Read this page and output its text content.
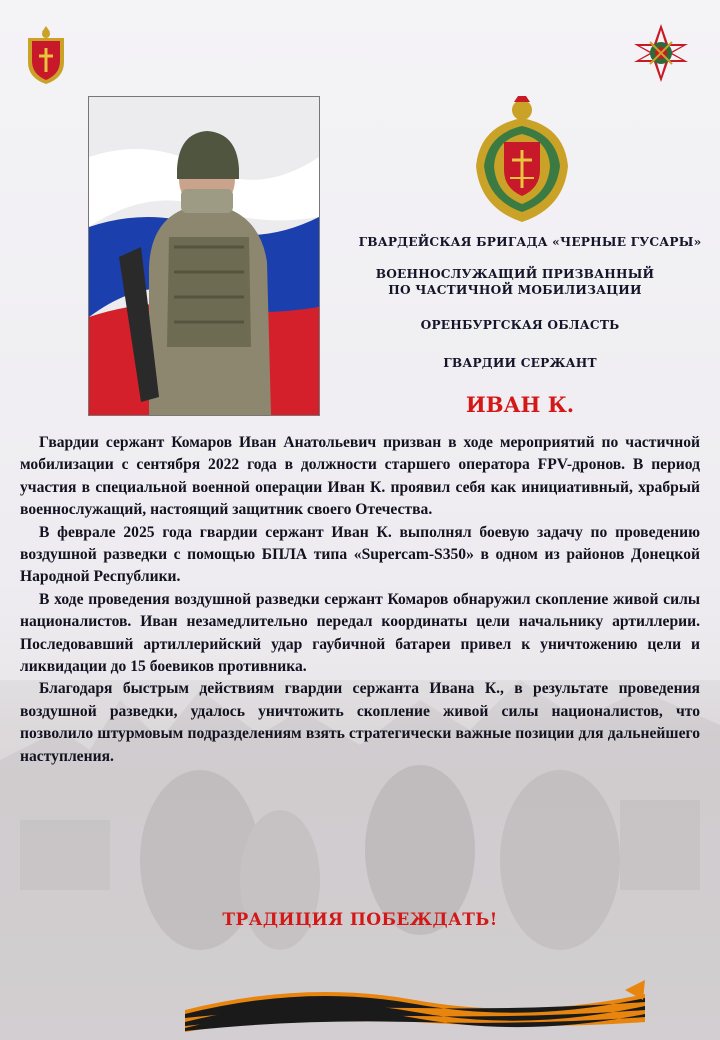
ГВАРДЕЙСКАЯ БРИГАДА «ЧЕРНЫЕ ГУСАРЫ»
ВОЕННОСЛУЖАЩИЙ ПРИЗВАННЫЙ
ПО ЧАСТИЧНОЙ МОБИЛИЗАЦИИ
ОРЕНБУРГСКАЯ ОБЛАСТЬ
ГВАРДИИ СЕРЖАНТ
ИВАН К.

Гвардии сержант Комаров Иван Анатольевич призван в ходе мероприятий по частичной мобилизации с сентября 2022 года в должности старшего оператора FPV-дронов. В период участия в специальной военной операции Иван К. проявил себя как инициативный, храбрый военнослужащий, настоящий защитник своего Отечества.

В феврале 2025 года гвардии сержант Иван К. выполнял боевую задачу по проведению воздушной разведки с помощью БПЛА типа «Supercam-S350» в одном из районов Донецкой Народной Республики.

В ходе проведения воздушной разведки сержант Комаров обнаружил скопление живой силы националистов. Иван незамедлительно передал координаты цели начальнику артиллерии. Последовавший артиллерийский удар гаубичной батареи привел к уничтожению цели и ликвидации до 15 боевиков противника.

Благодаря быстрым действиям гвардии сержанта Ивана К., в результате проведения воздушной разведки, удалось уничтожить скопление живой силы националистов, что позволило штурмовым подразделениям взять стратегически важные позиции для дальнейшего наступления.

ТРАДИЦИЯ ПОБЕЖДАТЬ!
